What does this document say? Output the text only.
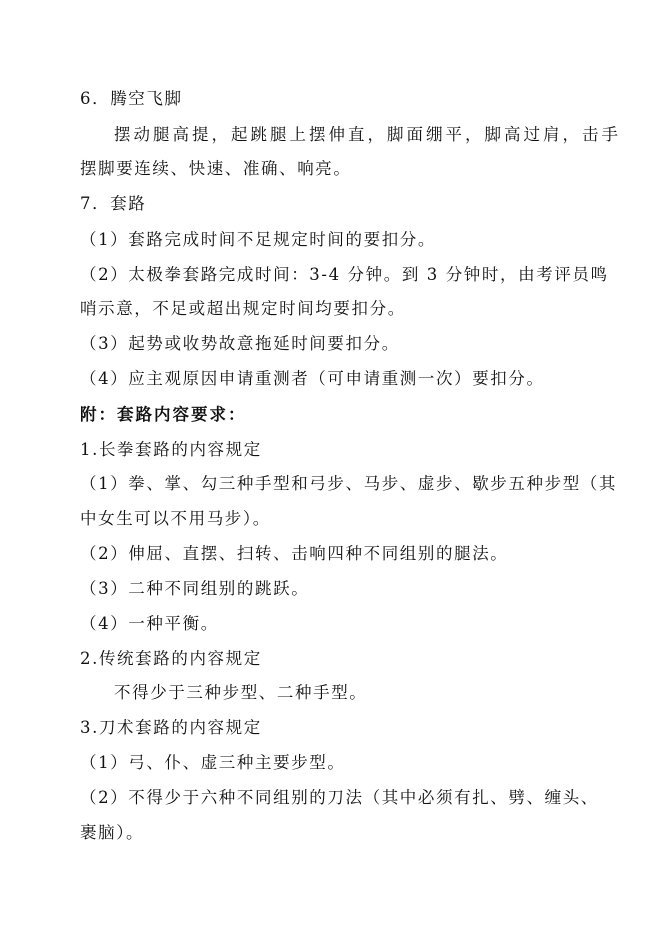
6．腾空飞脚
摆动腿高提，起跳腿上摆伸直，脚面绷平，脚高过肩，击手
摆脚要连续、快速、准确、响亮。
7．套路
（1）套路完成时间不足规定时间的要扣分。
（2）太极拳套路完成时间：3-4 分钟。到 3 分钟时，由考评员鸣
哨示意，不足或超出规定时间均要扣分。
（3）起势或收势故意拖延时间要扣分。
（4）应主观原因申请重测者（可申请重测一次）要扣分。
附：套路内容要求：
1.长拳套路的内容规定
（1）拳、掌、勾三种手型和弓步、马步、虚步、歇步五种步型（其
中女生可以不用马步）。
（2）伸屈、直摆、扫转、击响四种不同组别的腿法。
（3）二种不同组别的跳跃。
（4）一种平衡。
2.传统套路的内容规定
不得少于三种步型、二种手型。
3.刀术套路的内容规定
（1）弓、仆、虚三种主要步型。
（2）不得少于六种不同组别的刀法（其中必须有扎、劈、缠头、
裹脑）。
